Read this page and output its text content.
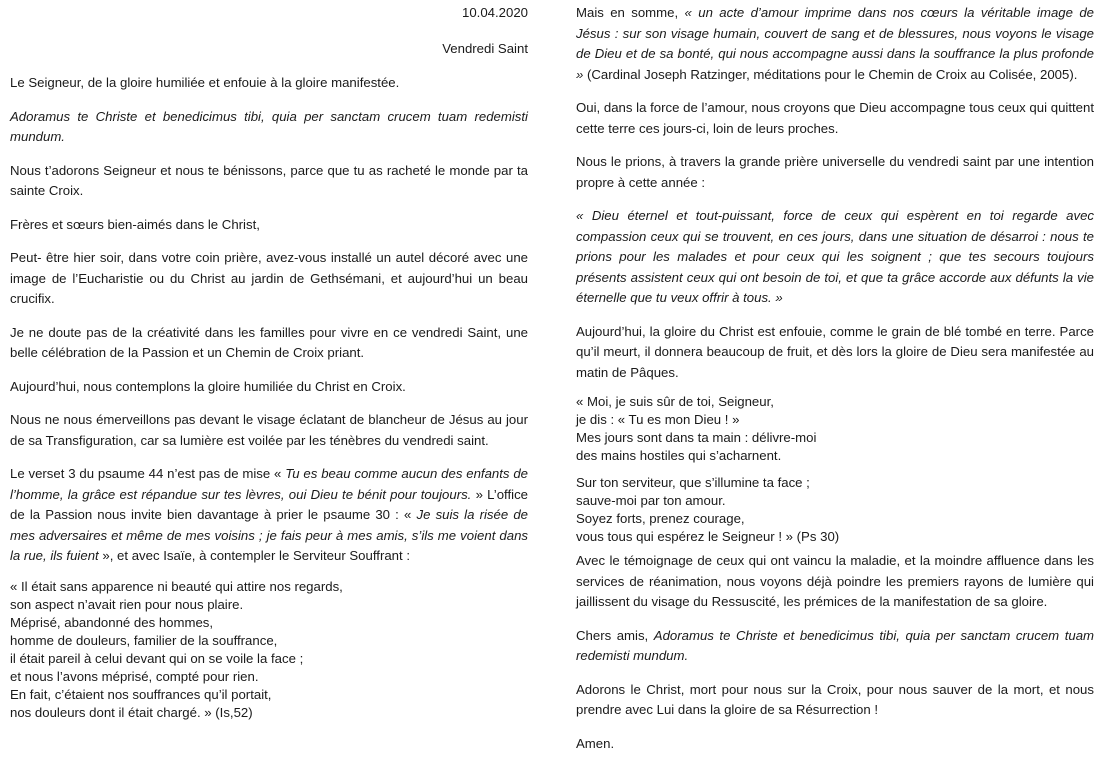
10.04.2020

Vendredi Saint

Le Seigneur, de la gloire humiliée et enfouie à la gloire manifestée.

Adoramus te Christe et benedicimus tibi, quia per sanctam crucem tuam redemisti mundum.

Nous t’adorons Seigneur et nous te bénissons, parce que tu as racheté le monde par ta sainte Croix.

Frères et sœurs bien-aimés dans le Christ,

Peut- être hier soir, dans votre coin prière, avez-vous installé un autel décoré avec une image de l’Eucharistie ou du Christ au jardin de Gethsémani, et aujourd’hui un beau crucifix.

Je ne doute pas de la créativité dans les familles pour vivre en ce vendredi Saint, une belle célébration de la Passion et un Chemin de Croix priant.

Aujourd’hui, nous contemplons la gloire humiliée du Christ en Croix.

Nous ne nous émerveillons pas devant le visage éclatant de blancheur de Jésus au jour de sa Transfiguration, car sa lumière est voilée par les ténèbres du vendredi saint.

Le verset 3 du psaume 44 n’est pas de mise « Tu es beau comme aucun des enfants de l’homme, la grâce est répandue sur tes lèvres, oui Dieu te bénit pour toujours. » L’office de la Passion nous invite bien davantage à prier le psaume 30 : « Je suis la risée de mes adversaires et même de mes voisins ; je fais peur à mes amis, s’ils me voient dans la rue, ils fuient », et avec Isaïe, à contempler le Serviteur Souffrant :

« Il était sans apparence ni beauté qui attire nos regards,

son aspect n’avait rien pour nous plaire.

Méprisé, abandonné des hommes,

homme de douleurs, familier de la souffrance,

il était pareil à celui devant qui on se voile la face ;

et nous l’avons méprisé, compté pour rien.

En fait, c’étaient nos souffrances qu’il portait,

nos douleurs dont il était chargé. » (Is,52)

Mais en somme, « un acte d’amour imprime dans nos cœurs la véritable image de Jésus : sur son visage humain, couvert de sang et de blessures, nous voyons le visage de Dieu et de sa bonté, qui nous accompagne aussi dans la souffrance la plus profonde » (Cardinal Joseph Ratzinger, méditations pour le Chemin de Croix au Colisée, 2005).

Oui, dans la force de l’amour, nous croyons que Dieu accompagne tous ceux qui quittent cette terre ces jours-ci, loin de leurs proches.

Nous le prions, à travers la grande prière universelle du vendredi saint par une intention propre à cette année :

« Dieu éternel et tout-puissant, force de ceux qui espèrent en toi regarde avec compassion ceux qui se trouvent, en ces jours, dans une situation de désarroi : nous te prions pour les malades et pour ceux qui les soignent ; que tes secours toujours présents assistent ceux qui ont besoin de toi, et que ta grâce accorde aux défunts la vie éternelle que tu veux offrir à tous. »

Aujourd’hui, la gloire du Christ est enfouie, comme le grain de blé tombé en terre. Parce qu’il meurt, il donnera beaucoup de fruit, et dès lors la gloire de Dieu sera manifestée au matin de Pâques.

« Moi, je suis sûr de toi, Seigneur,

je dis : « Tu es mon Dieu ! »

Mes jours sont dans ta main : délivre-moi

des mains hostiles qui s’acharnent.

Sur ton serviteur, que s’illumine ta face ;

sauve-moi par ton amour.

Soyez forts, prenez courage,

vous tous qui espérez le Seigneur ! » (Ps 30)

Avec le témoignage de ceux qui ont vaincu la maladie, et la moindre affluence dans les services de réanimation, nous voyons déjà poindre les premiers rayons de lumière qui jaillissent du visage du Ressuscité, les prémices de la manifestation de sa gloire.

Chers amis, Adoramus te Christe et benedicimus tibi, quia per sanctam crucem tuam redemisti mundum.

Adorons le Christ, mort pour nous sur la Croix, pour nous sauver de la mort, et nous prendre avec Lui dans la gloire de sa Résurrection !

Amen.
